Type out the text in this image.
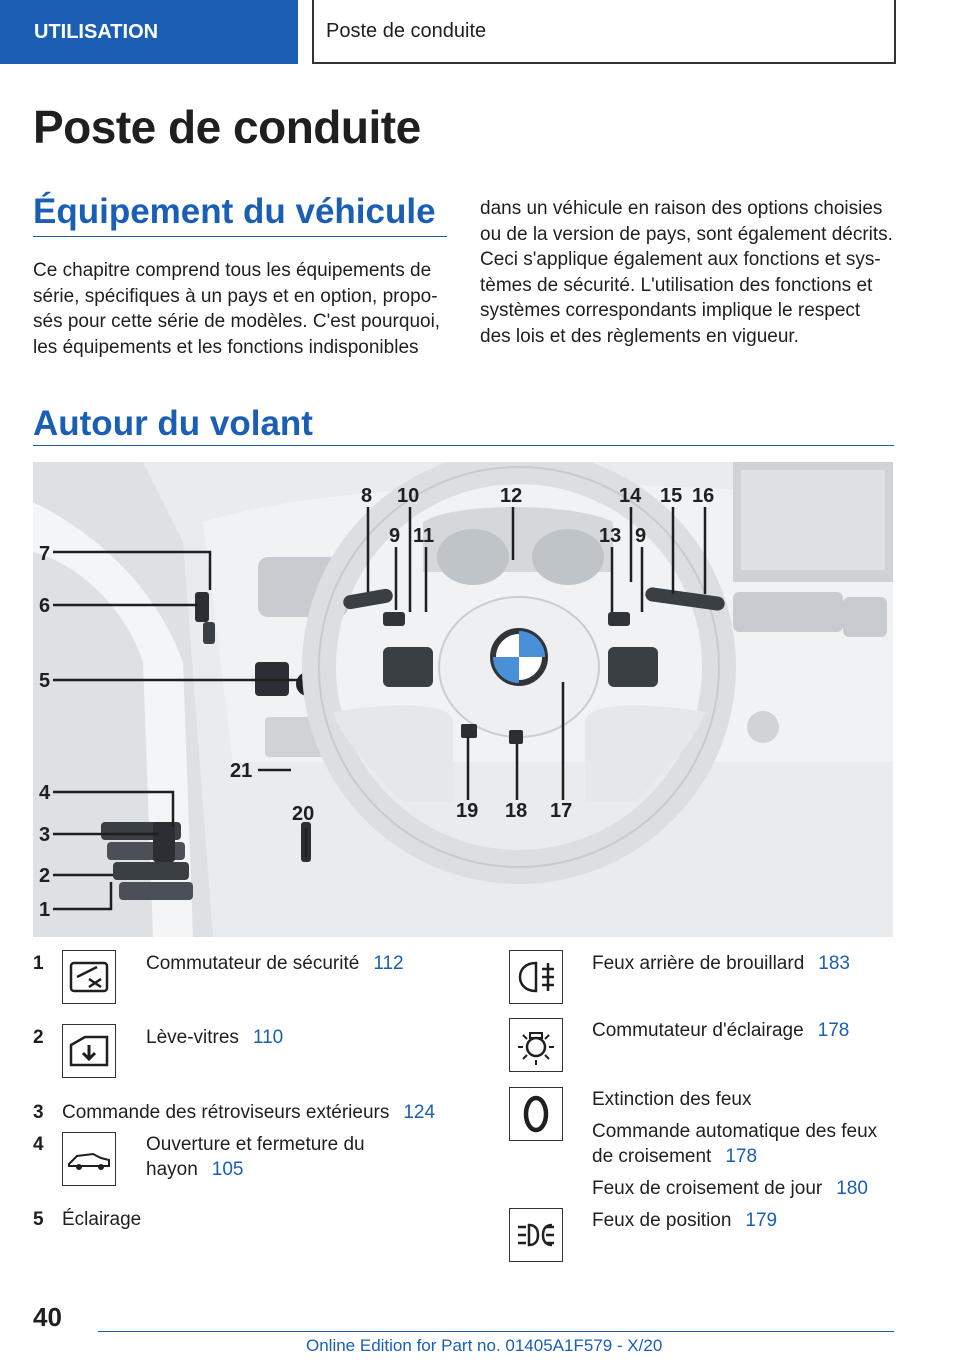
UTILISATION	Poste de conduite
Poste de conduite
Équipement du véhicule
Ce chapitre comprend tous les équipements de
série, spécifiques à un pays et en option, propo‐
sés pour cette série de modèles. C'est pourquoi,
les équipements et les fonctions indisponibles
dans un véhicule en raison des options choisies
ou de la version de pays, sont également décrits.
Ceci s'applique également aux fonctions et sys‐
tèmes de sécurité. L'utilisation des fonctions et
systèmes correspondants implique le respect
des lois et des règlements en vigueur.
Autour du volant
7
6
5
4
3
2
1
8
9
10
11
12
13 9
14 15 16
19 18 17
20
21
1	Commutateur de sécurité 112
2	Lève-vitres 110
3 Commande des rétroviseurs extérieurs 124
4	Ouverture et fermeture du
hayon 105
5 Éclairage
Feux arrière de brouillard 183
Commutateur d'éclairage 178
Extinction des feux
Commande automatique des feux
de croisement 178
Feux de croisement de jour 180
Feux de position 179
40
Online Edition for Part no. 01405A1F579 - X/20
